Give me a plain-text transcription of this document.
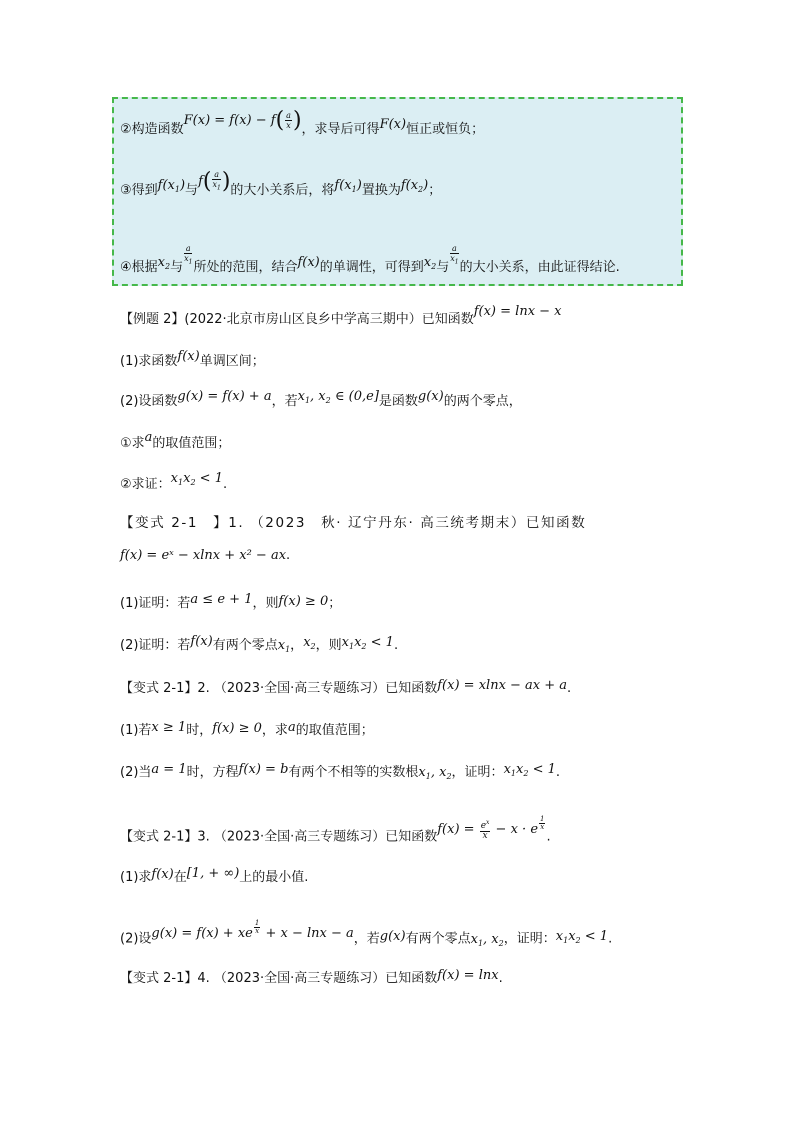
②构造函数$F(x) = f(x) - f( \frac{a}{x}$ )，求导后可得F(x)恒正或恒负；
③得到$f(x_1)$与$f( \frac{a}{x_1}$ )的大小关系后，将$f(x_1)$置换为$f(x_2)$；
④根据$x_2$与
$\frac{a}{x_1}$
所处的范围，结合f(x)的单调性，可得到$x_2$与
$\frac{a}{x_1}$
的大小关系，由此证得结论.
【例题 2】(2022·北京市房山区良乡中学高三期中）已知函数f(x) = lnx − x
(1)求函数f(x)单调区间；
(2)设函数g(x) = f(x) + a，若$x_1$, $x_2$ ∈ (0,e]是函数g(x)的两个零点，
①求a的取值范围；
②求证：$x_1x_2 < 1$.
【变式 2-1　】1. （2023　秋· 辽宁丹东· 高三统考期末）已知函数
f(x) = eˣ − xlnx + x² − ax.
(1)证明：若a ≤ e + 1，则f(x) ≥ 0；
(2)证明：若f(x)有两个零点$x_1$，$x_2$，则$x_1x_2 < 1$.
【变式 2-1】2. （2023·全国·高三专题练习）已知函数f(x) = xlnx − ax + a.
(1)若x ≥ 1时，f(x) ≥ 0，求a的取值范围；
(2)当a = 1时，方程f(x) = b有两个不相等的实数根$x_1$, $x_2$，证明：$x_1x_2 < 1$.
【变式 2-1】3. （2023·全国·高三专题练习）已知函数$f(x) = \frac{e^x}{x} - x \cdot e$ $^{\frac{1}{x}}$
.
(1)求f(x)在[1, + ∞)上的最小值.
(2)设g(x) = f(x) + xe $^{\frac{1}{x}}$ + x − lnx − a，若g(x)有两个零点$x_1$, $x_2$，证明：$x_1x_2 < 1$.
【变式 2-1】4. （2023·全国·高三专题练习）已知函数f(x) = lnx.
